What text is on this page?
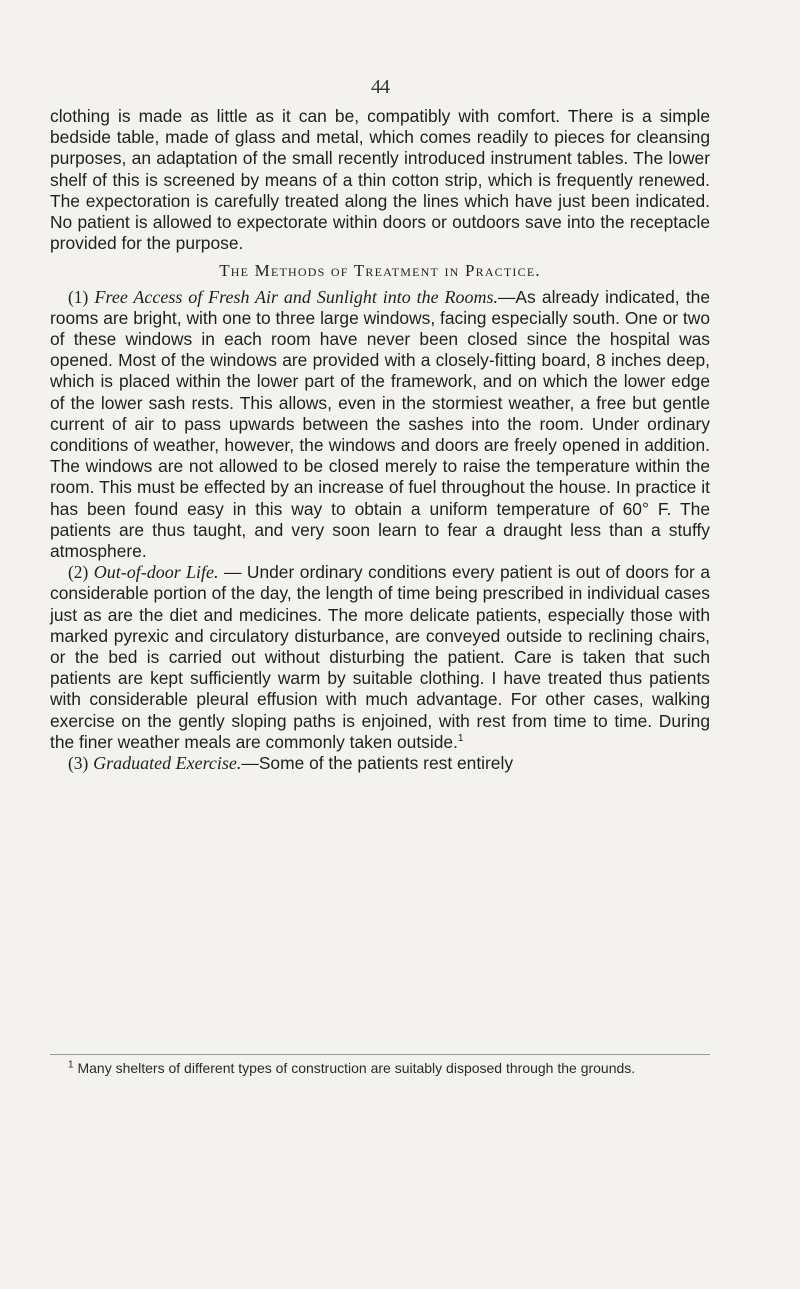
44

clothing is made as little as it can be, compatibly with comfort. There is a simple bedside table, made of glass and metal, which comes readily to pieces for cleansing purposes, an adaptation of the small recently introduced instrument tables. The lower shelf of this is screened by means of a thin cotton strip, which is frequently renewed. The expectoration is carefully treated along the lines which have just been indicated. No patient is allowed to expectorate within doors or outdoors save into the receptacle provided for the purpose.

The Methods of Treatment in Practice.

(1) Free Access of Fresh Air and Sunlight into the Rooms.—As already indicated, the rooms are bright, with one to three large windows, facing especially south. One or two of these windows in each room have never been closed since the hospital was opened. Most of the windows are provided with a closely-fitting board, 8 inches deep, which is placed within the lower part of the framework, and on which the lower edge of the lower sash rests. This allows, even in the stormiest weather, a free but gentle current of air to pass upwards between the sashes into the room. Under ordinary conditions of weather, however, the windows and doors are freely opened in addition. The windows are not allowed to be closed merely to raise the temperature within the room. This must be effected by an increase of fuel throughout the house. In practice it has been found easy in this way to obtain a uniform temperature of 60° F. The patients are thus taught, and very soon learn to fear a draught less than a stuffy atmosphere.

(2) Out-of-door Life. — Under ordinary conditions every patient is out of doors for a considerable portion of the day, the length of time being prescribed in individual cases just as are the diet and medicines. The more delicate patients, especially those with marked pyrexic and circulatory disturbance, are conveyed outside to reclining chairs, or the bed is carried out without disturbing the patient. Care is taken that such patients are kept sufficiently warm by suitable clothing. I have treated thus patients with considerable pleural effusion with much advantage. For other cases, walking exercise on the gently sloping paths is enjoined, with rest from time to time. During the finer weather meals are commonly taken outside.$^1$

(3) Graduated Exercise.—Some of the patients rest entirely

$^1$ Many shelters of different types of construction are suitably disposed through the grounds.
